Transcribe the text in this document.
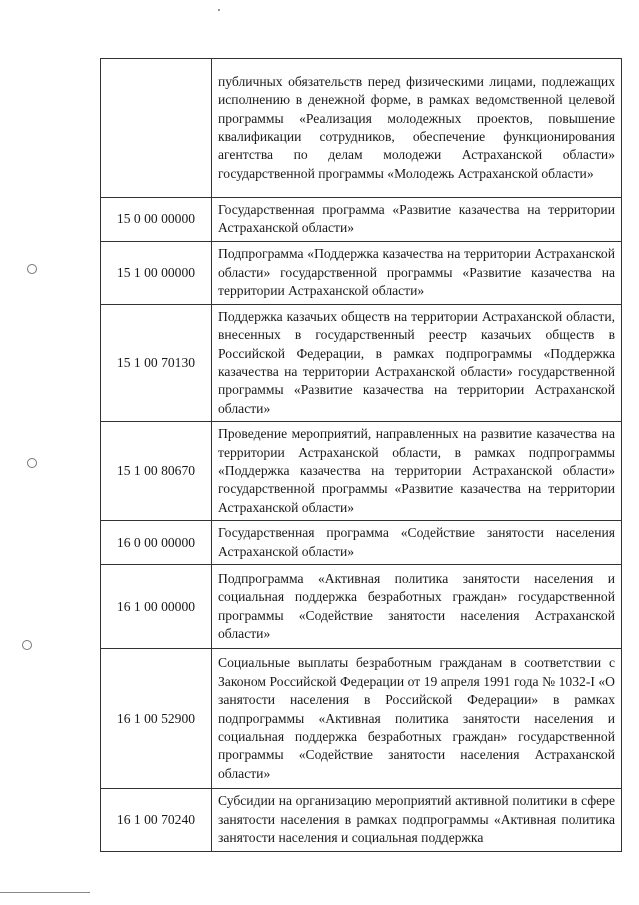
	публичных обязательств перед физическими лицами, подлежащих исполнению в денежной форме, в рамках ведомственной целевой программы «Реализация молодежных проектов, повышение квалификации сотрудников, обеспечение функционирования агентства по делам молодежи Астраханской области» государственной программы «Молодежь Астраханской области»
15 0 00 00000	Государственная программа «Развитие казачества на территории Астраханской области»
15 1 00 00000	Подпрограмма «Поддержка казачества на территории Астраханской области» государственной программы «Развитие казачества на территории Астраханской области»
15 1 00 70130	Поддержка казачьих обществ на территории Астраханской области, внесенных в государственный реестр казачьих обществ в Российской Федерации, в рамках подпрограммы «Поддержка казачества на территории Астраханской области» государственной программы «Развитие казачества на территории Астраханской области»
15 1 00 80670	Проведение мероприятий, направленных на развитие казачества на территории Астраханской области, в рамках подпрограммы «Поддержка казачества на территории Астраханской области» государственной программы «Развитие казачества на территории Астраханской области»
16 0 00 00000	Государственная программа «Содействие занятости населения Астраханской области»
16 1 00 00000	Подпрограмма «Активная политика занятости населения и социальная поддержка безработных граждан» государственной программы «Содействие занятости населения Астраханской области»
16 1 00 52900	Социальные выплаты безработным гражданам в соответствии с Законом Российской Федерации от 19 апреля 1991 года № 1032-I «О занятости населения в Российской Федерации» в рамках подпрограммы «Активная политика занятости населения и социальная поддержка безработных граждан» государственной программы «Содействие занятости населения Астраханской области»
16 1 00 70240	Субсидии на организацию мероприятий активной политики в сфере занятости населения в рамках подпрограммы «Активная политика занятости населения и социальная поддержка
